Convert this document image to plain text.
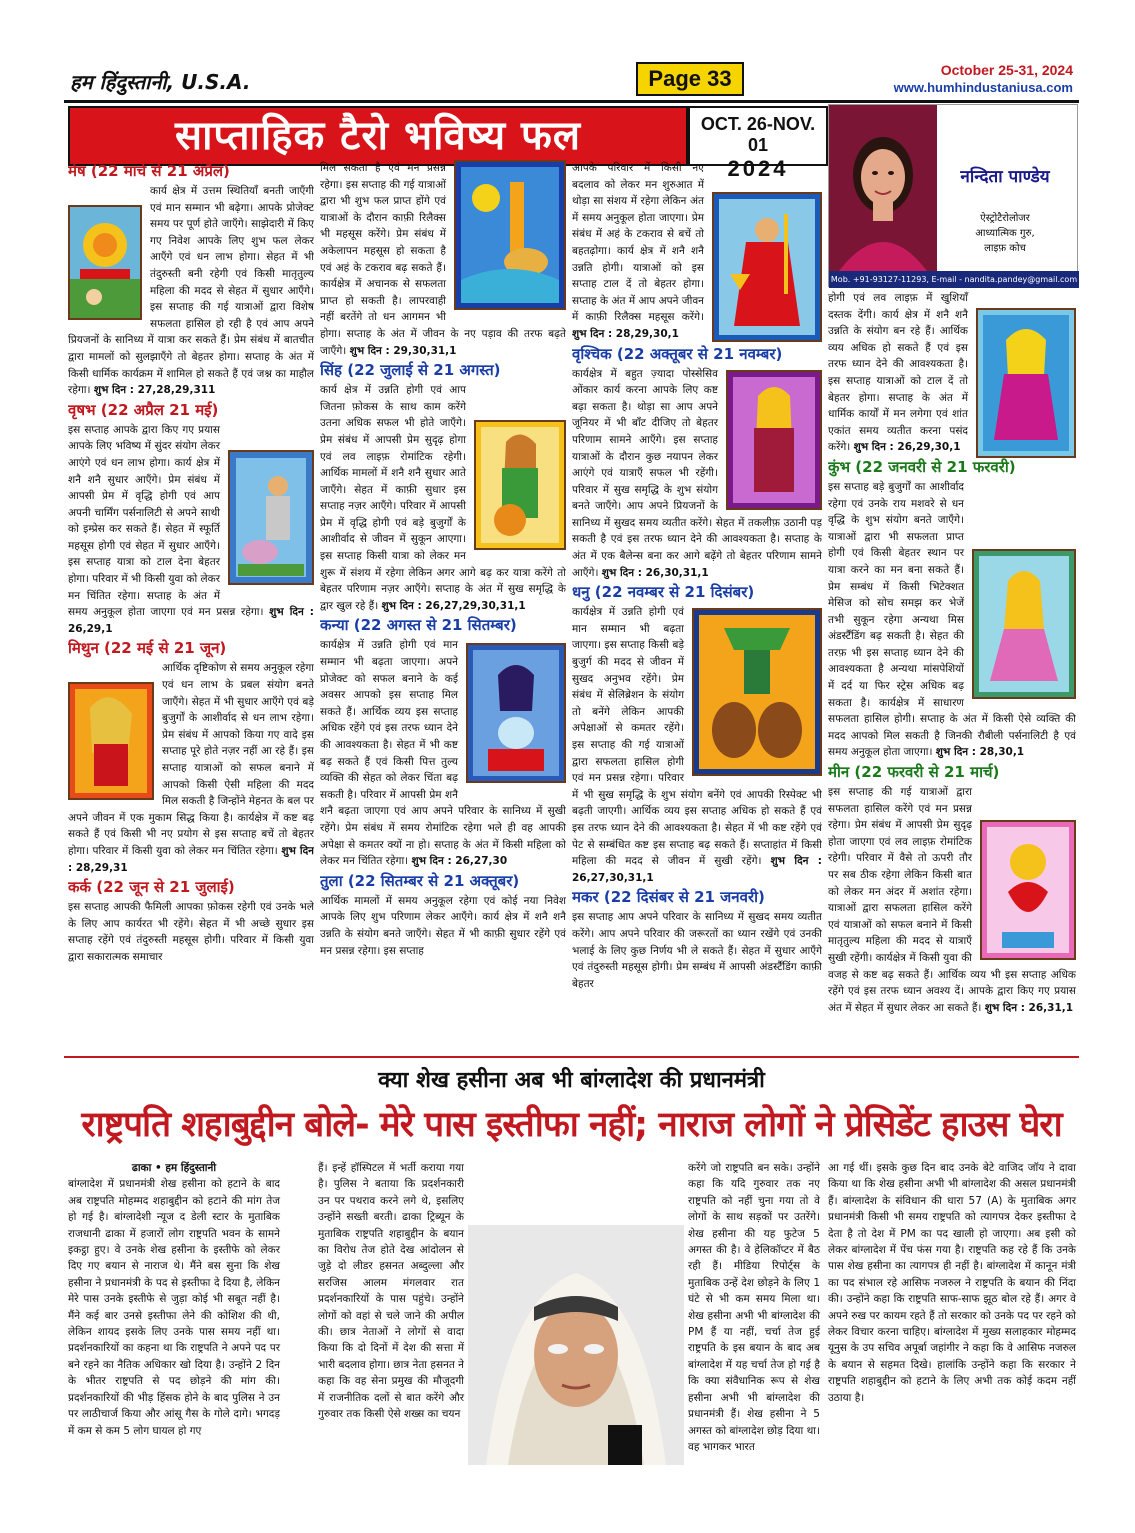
हम हिंदुस्तानी, U.S.A.	Page 33	October 25-31, 2024
www.humhindustaniusa.com
साप्ताहिक टैरो भविष्य फल	OCT. 26-NOV. 01
2024	नन्दिता पाण्डेय
ऐस्ट्रोटैरोलोजर
आध्यात्मिक गुरु,
लाइफ़ कोच
Mob. +91-93127-11293, E-mail - nandita.pandey@gmail.com
मेष (22 मार्च से 21 अप्रैल)
कार्य क्षेत्र में उत्तम स्थितियाँ बनती जाएँगी एवं मान सम्मान भी बढ़ेगा। आपके प्रोजेक्ट समय पर पूर्ण होते जाएँगे। साझेदारी में किए गए निवेश आपके लिए शुभ फल लेकर आएँगे एवं धन लाभ होगा। सेहत में भी तंदुरुस्ती बनी रहेगी एवं किसी मातृतुल्य महिला की मदद से सेहत में सुधार आएँगे। इस सप्ताह की गई यात्राओं द्वारा विशेष सफलता हासिल हो रही है एवं आप अपने प्रियजनों के सानिध्य में यात्रा कर सकते हैं। प्रेम संबंध में बातचीत द्वारा मामलों को सुलझाएँगे तो बेहतर होगा। सप्ताह के अंत में किसी धार्मिक कार्यक्रम में शामिल हो सकते हैं एवं जश्न का माहौल रहेगा। शुभ दिन : 27,28,29,311
वृषभ (22 अप्रैल 21 मई)
इस सप्ताह आपके द्वारा किए गए प्रयास आपके लिए भविष्य में सुंदर संयोग लेकर आएंगे एवं धन लाभ होगा। कार्य क्षेत्र में शनै शनै सुधार आएँगे। प्रेम संबंध में आपसी प्रेम में वृद्धि होगी एवं आप अपनी चार्मिंग पर्सनालिटी से अपने साथी को इम्प्रेस कर सकते हैं। सेहत में स्फूर्ति महसूस होगी एवं सेहत में सुधार आएँगे। इस सप्ताह यात्रा को टाल देना बेहतर होगा। परिवार में भी किसी युवा को लेकर मन चिंतित रहेगा। सप्ताह के अंत में समय अनुकूल होता जाएगा एवं मन प्रसन्न रहेगा। शुभ दिन : 26,29,1
मिथुन (22 मई से 21 जून)
आर्थिक दृष्टिकोण से समय अनुकूल रहेगा एवं धन लाभ के प्रबल संयोग बनते जाएँगे। सेहत में भी सुधार आएँगे एवं बड़े बुजुर्गों के आशीर्वाद से धन लाभ रहेगा। प्रेम संबंध में आपको किया गए वादे इस सप्ताह पूरे होते नज़र नहीं आ रहे हैं। इस सप्ताह यात्राओं को सफल बनाने में आपको किसी ऐसी महिला की मदद मिल सकती है जिन्होंने मेहनत के बल पर अपने जीवन में एक मुकाम सिद्ध किया है। कार्यक्षेत्र में कष्ट बढ़ सकते हैं एवं किसी भी नए प्रयोग से इस सप्ताह बचें तो बेहतर होगा। परिवार में किसी युवा को लेकर मन चिंतित रहेगा। शुभ दिन : 28,29,31
कर्क (22 जून से 21 जुलाई)
इस सप्ताह आपकी फैमिली आपका फ़ोकस रहेगी एवं उनके भले के लिए आप कार्यरत भी रहेंगे। सेहत में भी अच्छे सुधार इस सप्ताह रहेंगे एवं तंदुरुस्ती महसूस होगी। परिवार में किसी युवा द्वारा सकारात्मक समाचार
मिल सकता है एवं मन प्रसन्न रहेगा। इस सप्ताह की गई यात्राओं द्वारा भी शुभ फल प्राप्त होंगे एवं यात्राओं के दौरान काफ़ी रिलैक्स भी महसूस करेंगे। प्रेम संबंध में अकेलापन महसूस हो सकता है एवं अहं के टकराव बढ़ सकते हैं। कार्यक्षेत्र में अचानक से सफलता प्राप्त हो सकती है। लापरवाही नहीं बरतेंगे तो धन आगमन भी होगा। सप्ताह के अंत में जीवन के नए पड़ाव की तरफ बढ़ते जाएँगे। शुभ दिन : 29,30,31,1
सिंह (22 जुलाई से 21 अगस्त)
कार्य क्षेत्र में उन्नति होगी एवं आप जितना फ़ोकस के साथ काम करेंगे उतना अधिक सफल भी होते जाएँगे। प्रेम संबंध में आपसी प्रेम सुदृढ़ होगा एवं लव लाइफ़ रोमांटिक रहेगी। आर्थिक मामलों में शनै शनै सुधार आते जाएँगे। सेहत में काफ़ी सुधार इस सप्ताह नज़र आएँगे। परिवार में आपसी प्रेम में वृद्धि होगी एवं बड़े बुजुर्गों के आशीर्वाद से जीवन में सुकून आएगा। इस सप्ताह किसी यात्रा को लेकर मन शुरू में संशय में रहेगा लेकिन अगर आगे बढ़ कर यात्रा करेंगे तो बेहतर परिणाम नज़र आएँगे। सप्ताह के अंत में सुख समृद्धि के द्वार खुल रहे हैं। शुभ दिन : 26,27,29,30,31,1
कन्या (22 अगस्त से 21 सितम्बर)
कार्यक्षेत्र में उन्नति होगी एवं मान सम्मान भी बढ़ता जाएगा। अपने प्रोजेक्ट को सफल बनाने के कई अवसर आपको इस सप्ताह मिल सकते हैं। आर्थिक व्यय इस सप्ताह अधिक रहेंगे एवं इस तरफ ध्यान देने की आवश्यकता है। सेहत में भी कष्ट बढ़ सकते हैं एवं किसी पित्त तुल्य व्यक्ति की सेहत को लेकर चिंता बढ़ सकती है। परिवार में आपसी प्रेम शनै शनै बढ़ता जाएगा एवं आप अपने परिवार के सानिध्य में सुखी रहेंगे। प्रेम संबंध में समय रोमांटिक रहेगा भले ही वह आपकी अपेक्षा से कमतर क्यों ना हो। सप्ताह के अंत में किसी महिला को लेकर मन चिंतित रहेगा। शुभ दिन : 26,27,30
तुला (22 सितम्बर से 21 अक्तूबर)
आर्थिक मामलों में समय अनुकूल रहेगा एवं कोई नया निवेश आपके लिए शुभ परिणाम लेकर आएँगे। कार्य क्षेत्र में शनै शनै उन्नति के संयोग बनते जाएँगे। सेहत में भी काफ़ी सुधार रहेंगे एवं मन प्रसन्न रहेगा। इस सप्ताह
आपके परिवार में किसी नए बदलाव को लेकर मन शुरुआत में थोड़ा सा संशय में रहेगा लेकिन अंत में समय अनुकूल होता जाएगा। प्रेम संबंध में अहं के टकराव से बचें तो बहतढ़ोगा। कार्य क्षेत्र में शनै शनै उन्नति होगी। यात्राओं को इस सप्ताह टाल दें तो बेहतर होगा। सप्ताह के अंत में आप अपने जीवन में काफ़ी रिलैक्स महसूस करेंगे। शुभ दिन : 28,29,30,1
वृश्चिक (22 अक्तूबर से 21 नवम्बर)
कार्यक्षेत्र में बहुत ज़्यादा पोस्सेसिव ओंकार कार्य करना आपके लिए कष्ट बढ़ा सकता है। थोड़ा सा आप अपने जूनियर में भी बाँट दीजिए तो बेहतर परिणाम सामने आएँगे। इस सप्ताह यात्राओं के दौरान कुछ नयापन लेकर आएंगे एवं यात्राएँ सफल भी रहेंगी। परिवार में सुख समृद्धि के शुभ संयोग बनते जाएँगे। आप अपने प्रियजनों के सानिध्य में सुखद समय व्यतीत करेंगे। सेहत में तकलीफ़ उठानी पड़ सकती है एवं इस तरफ ध्यान देने की आवश्यकता है। सप्ताह के अंत में एक बैलेन्स बना कर आगे बढ़ेंगे तो बेहतर परिणाम सामने आएँगे। शुभ दिन : 26,30,31,1
धनु (22 नवम्बर से 21 दिसंबर)
कार्यक्षेत्र में उन्नति होगी एवं मान सम्मान भी बढ़ता जाएगा। इस सप्ताह किसी बड़े बुजुर्ग की मदद से जीवन में सुखद अनुभव रहेंगे। प्रेम संबंध में सेलिब्रेशन के संयोग तो बनेंगे लेकिन आपकी अपेक्षाओं से कमतर रहेंगे। इस सप्ताह की गई यात्राओं द्वारा सफलता हासिल होगी एवं मन प्रसन्न रहेगा। परिवार में भी सुख समृद्धि के शुभ संयोग बनेंगे एवं आपकी रिस्पेक्ट भी बढ़ती जाएगी। आर्थिक व्यय इस सप्ताह अधिक हो सकते हैं एवं इस तरफ ध्यान देने की आवश्यकता है। सेहत में भी कष्ट रहेंगे एवं पेट से सम्बंधित कष्ट इस सप्ताह बढ़ सकते हैं। सप्ताहांत में किसी महिला की मदद से जीवन में सुखी रहेंगे। शुभ दिन : 26,27,30,31,1
मकर (22 दिसंबर से 21 जनवरी)
इस सप्ताह आप अपने परिवार के सानिध्य में सुखद समय व्यतीत करेंगे। आप अपने परिवार की जरूरतों का ध्यान रखेंगे एवं उनकी भलाई के लिए कुछ निर्णय भी ले सकते हैं। सेहत में सुधार आएँगे एवं तंदुरुस्ती महसूस होगी। प्रेम सम्बंध में आपसी अंडर्स्टैंडिंग काफ़ी बेहतर
होगी एवं लव लाइफ़ में खुशियाँ दस्तक देंगी। कार्य क्षेत्र में शनै शनै उन्नति के संयोग बन रहे हैं। आर्थिक व्यय अधिक हो सकते हैं एवं इस तरफ ध्यान देने की आवश्यकता है। इस सप्ताह यात्राओं को टाल दें तो बेहतर होगा। सप्ताह के अंत में धार्मिक कार्यों में मन लगेगा एवं शांत एकांत समय व्यतीत करना पसंद करेंगे। शुभ दिन : 26,29,30,1
कुंभ (22 जनवरी से 21 फरवरी)
इस सप्ताह बड़े बुजुर्गों का आशीर्वाद रहेगा एवं उनके राय मशवरे से धन वृद्धि के शुभ संयोग बनते जाएँगे। यात्राओं द्वारा भी सफलता प्राप्त होगी एवं किसी बेहतर स्थान पर यात्रा करने का मन बना सकते हैं। प्रेम सम्बंध में किसी भिटेक्शत मेसिज को सोच समझ कर भेजें तभी सुकून रहेगा अन्यथा मिस अंडर्स्टैंडिंग बढ़ सकती है। सेहत की तरफ़ भी इस सप्ताह ध्यान देने की आवश्यकता है अन्यथा मांसपेशियों में दर्द या फिर स्ट्रेस अधिक बढ़ सकता है। कार्यक्षेत्र में साधारण सफलता हासिल होगी। सप्ताह के अंत में किसी ऐसे व्यक्ति की मदद आपको मिल सकती है जिनकी रौबीली पर्सनालिटी है एवं समय अनुकूल होता जाएगा। शुभ दिन : 28,30,1
मीन (22 फरवरी से 21 मार्च)
इस सप्ताह की गई यात्राओं द्वारा सफलता हासिल करेंगे एवं मन प्रसन्न रहेगा। प्रेम संबंध में आपसी प्रेम सुदृढ़ होता जाएगा एवं लव लाइफ़ रोमांटिक रहेगी। परिवार में वैसे तो ऊपरी तौर पर सब ठीक रहेगा लेकिन किसी बात को लेकर मन अंदर में अशांत रहेगा। यात्राओं द्वारा सफलता हासिल करेंगे एवं यात्राओं को सफल बनाने में किसी मातृतुल्य महिला की मदद से यात्राएँ सुखी रहेंगी। कार्यक्षेत्र में किसी युवा की वजह से कष्ट बढ़ सकते हैं। आर्थिक व्यय भी इस सप्ताह अधिक रहेंगे एवं इस तरफ ध्यान अवश्य दें। आपके द्वारा किए गए प्रयास अंत में सेहत में सुधार लेकर आ सकते हैं। शुभ दिन : 26,31,1
क्या शेख हसीना अब भी बांग्लादेश की प्रधानमंत्री
राष्ट्रपति शहाबुद्दीन बोले- मेरे पास इस्तीफा नहीं; नाराज लोगों ने प्रेसिडेंट हाउस घेरा
ढाका • हम हिंदुस्तानी
बांग्लादेश में प्रधानमंत्री शेख हसीना को हटाने के बाद अब राष्ट्रपति मोहम्मद शहाबुद्दीन को हटाने की मांग तेज हो गई है। बांग्लादेशी न्यूज द डेली स्टार के मुताबिक राजधानी ढाका में हजारों लोग राष्ट्रपति भवन के सामने इकट्ठा हुए। वे उनके शेख हसीना के इस्तीफे को लेकर दिए गए बयान से नाराज थे। मैंने बस सुना कि शेख हसीना ने प्रधानमंत्री के पद से इस्तीफा दे दिया है, लेकिन मेरे पास उनके इस्तीफे से जुड़ा कोई भी सबूत नहीं है। मैंने कई बार उनसे इस्तीफा लेने की कोशिश की थी, लेकिन शायद इसके लिए उनके पास समय नहीं था। प्रदर्शनकारियों का कहना था कि राष्ट्रपति ने अपने पद पर बने रहने का नैतिक अधिकार खो दिया है। उन्होंने 2 दिन के भीतर राष्ट्रपति से पद छोड़ने की मांग की। प्रदर्शनकारियों की भीड़ हिंसक होने के बाद पुलिस ने उन पर लाठीचार्ज किया और आंसू गैस के गोले दागे। भगदड़ में कम से कम 5 लोग घायल हो गए
हैं। इन्हें हॉस्पिटल में भर्ती कराया गया है। पुलिस ने बताया कि प्रदर्शनकारी उन पर पथराव करने लगे थे, इसलिए उन्होंने सख्ती बरती। ढाका ट्रिब्यून के मुताबिक राष्ट्रपति शहाबुद्दीन के बयान का विरोध तेज होते देख आंदोलन से जुड़े दो लीडर हसनत अब्दुल्ला और सरजिस आलम मंगलवार रात प्रदर्शनकारियों के पास पहुंचे। उन्होंने लोगों को वहां से चले जाने की अपील की। छात्र नेताओं ने लोगों से वादा किया कि दो दिनों में देश की सत्ता में भारी बदलाव होगा। छात्र नेता हसनत ने कहा कि वह सेना प्रमुख की मौजूदगी में राजनीतिक दलों से बात करेंगे और गुरुवार तक किसी ऐसे शख्स का चयन
करेंगे जो राष्ट्रपति बन सके। उन्होंने कहा कि यदि गुरुवार तक नए राष्ट्रपति को नहीं चुना गया तो वे लोगों के साथ सड़कों पर उतरेंगे। शेख हसीना की यह फुटेज 5 अगस्त की है। वे हेलिकॉप्टर में बैठ रही हैं। मीडिया रिपोर्ट्स के मुताबिक उन्हें देश छोड़ने के लिए 1 घंटे से भी कम समय मिला था। शेख हसीना अभी भी बांग्लादेश की PM हैं या नहीं, चर्चा तेज हुई राष्ट्रपति के इस बयान के बाद अब बांग्लादेश में यह चर्चा तेज हो गई है कि क्या संवैधानिक रूप से शेख हसीना अभी भी बांग्लादेश की प्रधानमंत्री हैं। शेख हसीना ने 5 अगस्त को बांग्लादेश छोड़ दिया था। वह भागकर भारत
आ गई थीं। इसके कुछ दिन बाद उनके बेटे वाजिद जॉय ने दावा किया था कि शेख हसीना अभी भी बांग्लादेश की असल प्रधानमंत्री हैं। बांग्लादेश के संविधान की धारा 57 (A) के मुताबिक अगर प्रधानमंत्री किसी भी समय राष्ट्रपति को त्यागपत्र देकर इस्तीफा दे देता है तो देश में PM का पद खाली हो जाएगा। अब इसी को लेकर बांग्लादेश में पेंच फंस गया है। राष्ट्रपति कह रहे हैं कि उनके पास शेख हसीना का त्यागपत्र ही नहीं है। बांग्लादेश में कानून मंत्री का पद संभाल रहे आसिफ नजरुल ने राष्ट्रपति के बयान की निंदा की। उन्होंने कहा कि राष्ट्रपति साफ-साफ झूठ बोल रहे हैं। अगर वे अपने रुख पर कायम रहते हैं तो सरकार को उनके पद पर रहने को लेकर विचार करना चाहिए। बांग्लादेश में मुख्य सलाहकार मोहम्मद यूनुस के उप सचिव अपूर्बा जहांगीर ने कहा कि वे आसिफ नजरुल के बयान से सहमत दिखे। हालांकि उन्होंने कहा कि सरकार ने राष्ट्रपति शहाबुद्दीन को हटाने के लिए अभी तक कोई कदम नहीं उठाया है।
